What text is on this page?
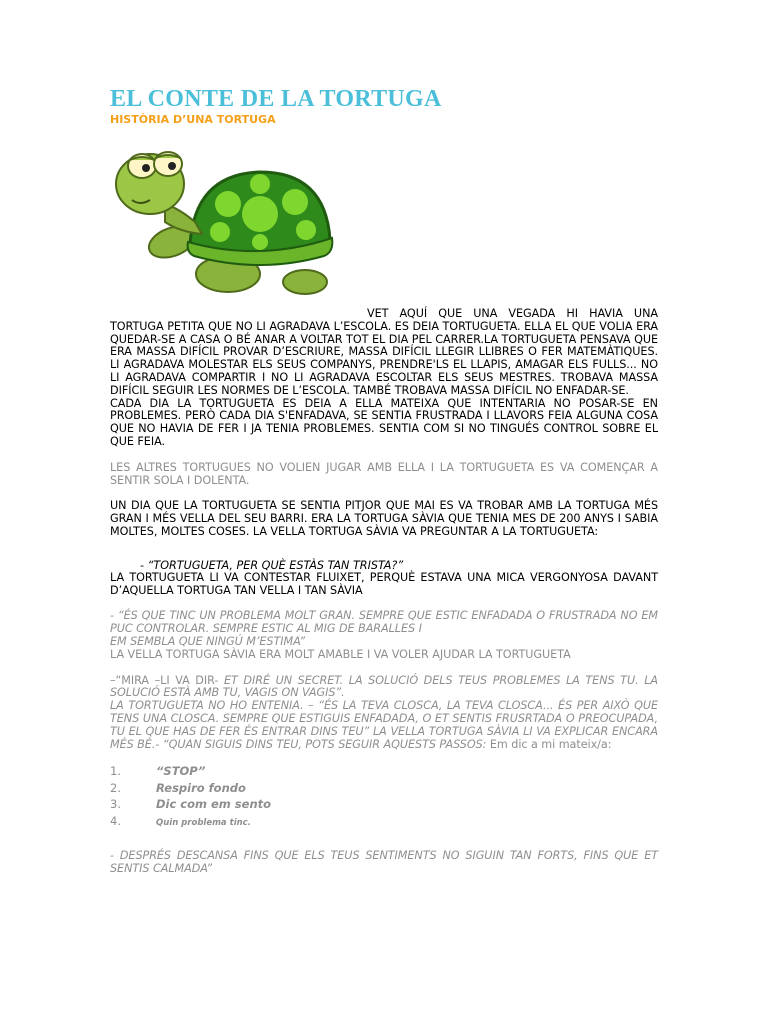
EL CONTE DE LA TORTUGA

HISTÒRIA D’UNA TORTUGA

VET AQUÍ QUE UNA VEGADA HI HAVIA UNA TORTUGA PETITA QUE NO LI AGRADAVA L’ESCOLA. ES DEIA TORTUGUETA. ELLA EL QUE VOLIA ERA QUEDAR-SE A CASA O BÉ ANAR A VOLTAR TOT EL DIA PEL CARRER.LA TORTUGUETA PENSAVA QUE ERA MASSA DIFÍCIL PROVAR D’ESCRIURE, MASSA DIFÍCIL LLEGIR LLIBRES O FER MATEMÀTIQUES. LI AGRADAVA MOLESTAR ELS SEUS COMPANYS, PRENDRE'LS EL LLAPIS, AMAGAR ELS FULLS... NO LI AGRADAVA COMPARTIR I NO LI AGRADAVA ESCOLTAR ELS SEUS MESTRES. TROBAVA MASSA DIFÍCIL SEGUIR LES NORMES DE L’ESCOLA. TAMBÉ TROBAVA MASSA DIFÍCIL NO ENFADAR-SE.

CADA DIA LA TORTUGUETA ES DEIA A ELLA MATEIXA QUE INTENTARIA NO POSAR-SE EN PROBLEMES. PERÒ CADA DIA S'ENFADAVA, SE SENTIA FRUSTRADA I LLAVORS FEIA ALGUNA COSA QUE NO HAVIA DE FER I JA TENIA PROBLEMES. SENTIA COM SI NO TINGUÉS CONTROL SOBRE EL QUE FEIA.

LES ALTRES TORTUGUES NO VOLIEN JUGAR AMB ELLA I LA TORTUGUETA ES VA COMENÇAR A SENTIR SOLA I DOLENTA.

UN DIA QUE LA TORTUGUETA SE SENTIA PITJOR QUE MAI ES VA TROBAR AMB LA TORTUGA MÉS GRAN I MÉS VELLA DEL SEU BARRI. ERA LA TORTUGA SÀVIA QUE TENIA MES DE 200 ANYS I SABIA MOLTES, MOLTES COSES. LA VELLA TORTUGA SÀVIA VA PREGUNTAR A LA TORTUGUETA:

- “TORTUGUETA, PER QUÈ ESTÀS TAN TRISTA?”

LA TORTUGUETA LI VA CONTESTAR FLUIXET, PERQUÈ ESTAVA UNA MICA VERGONYOSA DAVANT D’AQUELLA TORTUGA TAN VELLA I TAN SÀVIA

- “ÉS QUE TINC UN PROBLEMA MOLT GRAN. SEMPRE QUE ESTIC ENFADADA O FRUSTRADA NO EM PUC CONTROLAR. SEMPRE ESTIC AL MIG DE BARALLES I

EM SEMBLA QUE NINGÚ M’ESTIMA”

LA VELLA TORTUGA SÀVIA ERA MOLT AMABLE I VA VOLER AJUDAR LA TORTUGUETA

–“MIRA –LI VA DIR- ET DIRÉ UN SECRET. LA SOLUCIÓ DELS TEUS PROBLEMES LA TENS TU. LA SOLUCIÓ ESTÀ AMB TU, VAGIS ON VAGIS”.

LA TORTUGUETA NO HO ENTENIA. – “ÉS LA TEVA CLOSCA, LA TEVA CLOSCA... ÉS PER AIXÒ QUE TENS UNA CLOSCA. SEMPRE QUE ESTIGUIS ENFADADA, O ET SENTIS FRUSRTADA O PREOCUPADA, TU EL QUE HAS DE FER ÉS ENTRAR DINS TEU” LA VELLA TORTUGA SÀVIA LI VA EXPLICAR ENCARA MÉS BÉ.- “QUAN SIGUIS DINS TEU, POTS SEGUIR AQUESTS PASSOS: Em dic a mi mateix/a:

1.	“STOP”
2.	Respiro fondo
3.	Dic com em sento
4.	Quin problema tinc.

- DESPRÉS DESCANSA FINS QUE ELS TEUS SENTIMENTS NO SIGUIN TAN FORTS, FINS QUE ET SENTIS CALMADA”
